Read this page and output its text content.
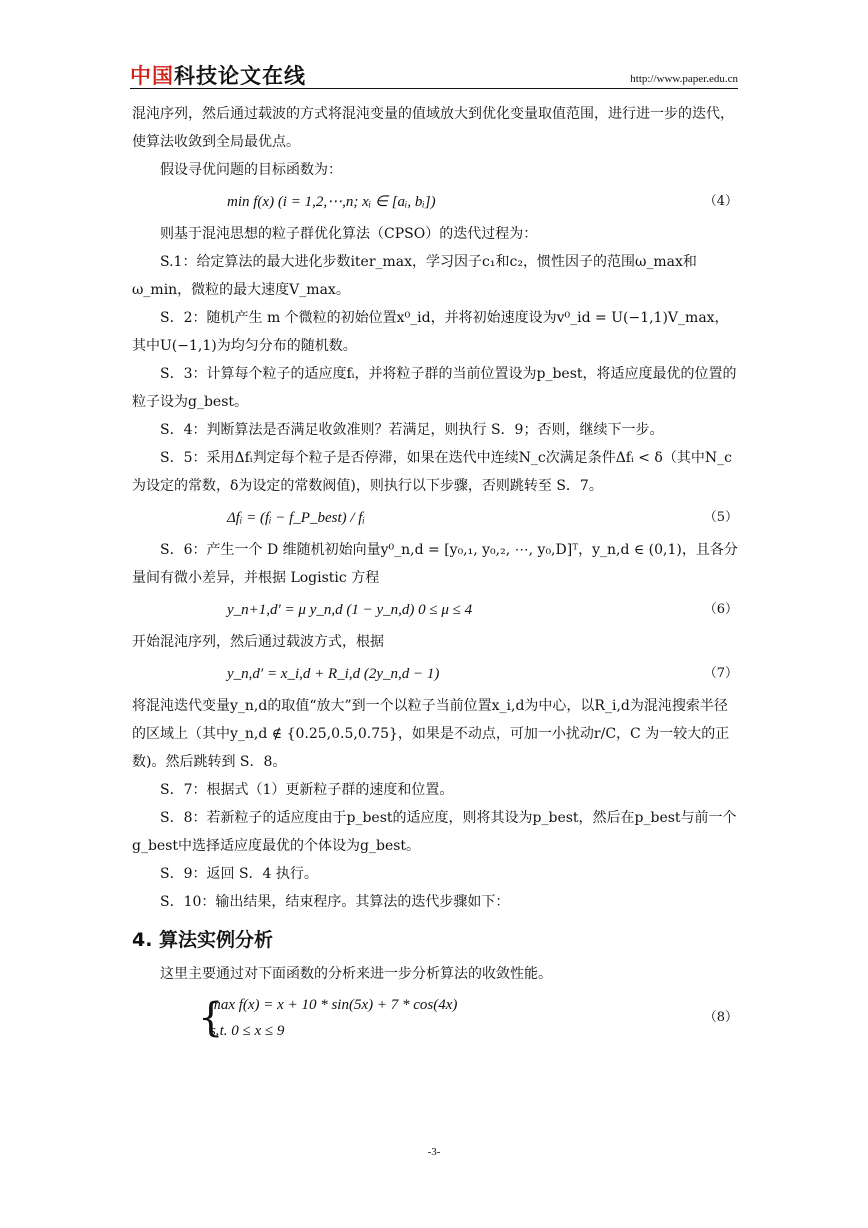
中国科技论文在线	http://www.paper.edu.cn

混沌序列，然后通过载波的方式将混沌变量的值域放大到优化变量取值范围，进行进一步的迭代，使算法收敛到全局最优点。

假设寻优问题的目标函数为：

min f(x) (i = 1,2,⋯,n; xᵢ ∈ [aᵢ, bᵢ])	（4）

则基于混沌思想的粒子群优化算法（CPSO）的迭代过程为：

S.1：给定算法的最大进化步数iter_max，学习因子c₁和c₂，惯性因子的范围ω_max和ω_min，微粒的最大速度V_max。

S．2：随机产生 m 个微粒的初始位置x⁰_id，并将初始速度设为v⁰_id = U(−1,1)V_max，其中U(−1,1)为均匀分布的随机数。

S．3：计算每个粒子的适应度fᵢ，并将粒子群的当前位置设为p_best，将适应度最优的位置的粒子设为g_best。

S．4：判断算法是否满足收敛准则？若满足，则执行 S．9；否则，继续下一步。

S．5：采用Δfᵢ判定每个粒子是否停滞，如果在迭代中连续N_c次满足条件Δfᵢ < δ（其中N_c为设定的常数，δ为设定的常数阀值)，则执行以下步骤，否则跳转至 S．7。

Δfᵢ = (fᵢ − f_P_best) / fᵢ	（5）

S．6：产生一个 D 维随机初始向量y⁰_n,d = [y₀,₁, y₀,₂, ⋯, y₀,D]ᵀ，y_n,d ∈ (0,1)，且各分量间有微小差异，并根据 Logistic 方程

y_n+1,d′ = μ y_n,d (1 − y_n,d) 0 ≤ μ ≤ 4	（6）

开始混沌序列，然后通过载波方式，根据

y_n,d′ = x_i,d + R_i,d (2y_n,d − 1)	（7）

将混沌迭代变量y_n,d的取值“放大”到一个以粒子当前位置x_i,d为中心，以R_i,d为混沌搜索半径的区域上（其中y_n,d ∉ {0.25,0.5,0.75}，如果是不动点，可加一小扰动r/C，C 为一较大的正数)。然后跳转到 S．8。

S．7：根据式（1）更新粒子群的速度和位置。

S．8：若新粒子的适应度由于p_best的适应度，则将其设为p_best，然后在p_best与前一个g_best中选择适应度最优的个体设为g_best。

S．9：返回 S．4 执行。

S．10：输出结果，结束程序。其算法的迭代步骤如下：

4. 算法实例分析

这里主要通过对下面函数的分析来进一步分析算法的收敛性能。

{
max f(x) = x + 10 * sin(5x) + 7 * cos(4x)
s.t. 0 ≤ x ≤ 9
（8）
-3-
